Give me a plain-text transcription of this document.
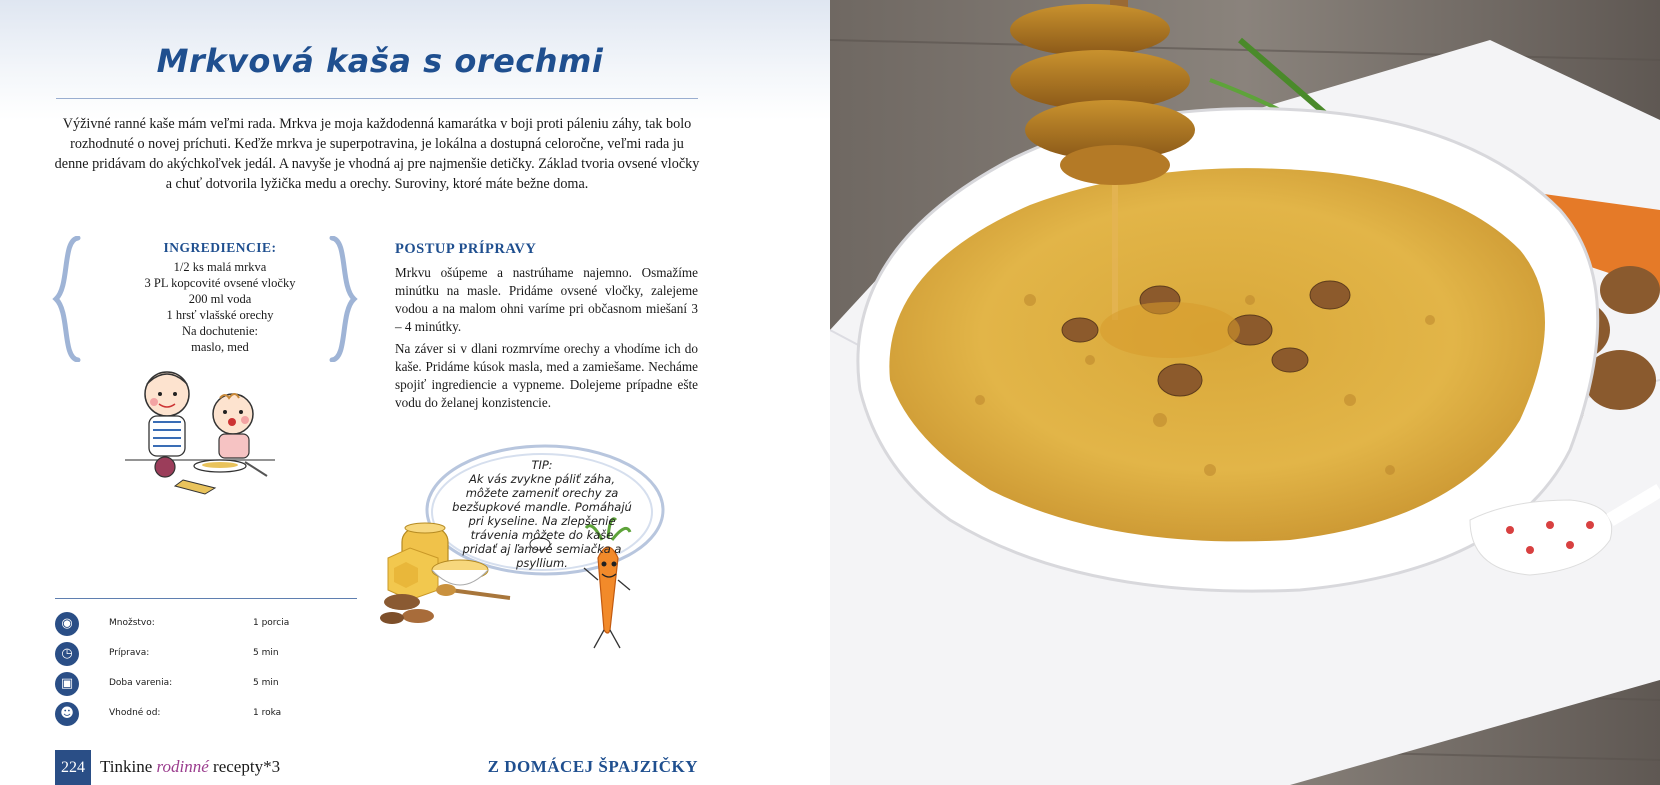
Mrkvová kaša s orechmi

Výživné ranné kaše mám veľmi rada. Mrkva je moja každodenná kamarátka v boji proti páleniu záhy, tak bolo rozhodnuté o novej príchuti. Keďže mrkva je superpotravina, je lokálna a dostupná celoročne, veľmi rada ju denne pridávam do akýchkoľvek jedál. A navyše je vhodná aj pre najmenšie detičky. Základ tvoria ovsené vločky a chuť dotvorila lyžička medu a orechy. Suroviny, ktoré máte bežne doma.

INGREDIENCIE:
1/2 ks malá mrkva
3 PL kopcovité ovsené vločky
200 ml voda
1 hrsť vlašské orechy
Na dochutenie:
maslo, med
POSTUP PRÍPRAVY

Mrkvu ošúpeme a nastrúhame najemno. Osmažíme minútku na masle. Pridáme ovsené vločky, zalejeme vodou a na malom ohni varíme pri občasnom miešaní 3 – 4 minútky.

Na záver si v dlani rozmrvíme orechy a vhodíme ich do kaše. Pridáme kúsok masla, med a zamiešame. Necháme spojiť ingrediencie a vypneme. Dolejeme prípadne ešte vodu do želanej konzistencie.

TIP:
Ak vás zvykne páliť záha, môžete zameniť orechy za bezšupkové mandle. Pomáhajú pri kyseline. Na zlepšenie trávenia môžete do kaše pridať aj ľanové semiačka a psyllium.
◉	Množstvo:	1 porcia
◷	Príprava:	5 min
▣	Doba varenia:	5 min
☻	Vhodné od:	1 roka
224 Tinkine rodinné recepty*3	Z DOMÁCEJ ŠPAJZIČKY
